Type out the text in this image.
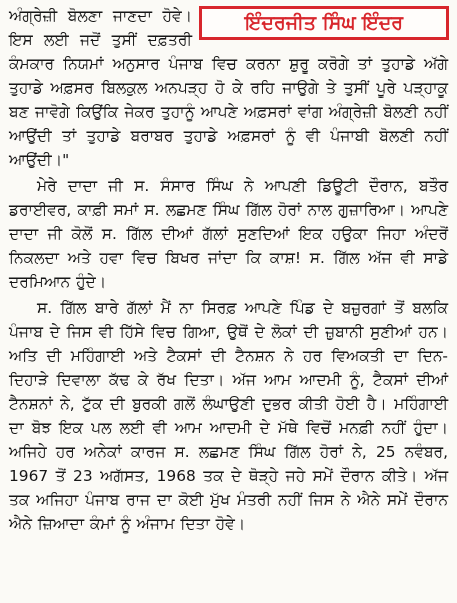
ਇੰਦਰਜੀਤ ਸਿੰਘ ਇੰਦਰ

ਅੰਗ੍ਰੇਜ਼ੀ ਬੋਲਣਾ ਜਾਣਦਾ ਹੋਵੇ। ਇਸ ਲਈ ਜਦੋਂ ਤੁਸੀਂ ਦਫ਼ਤਰੀ ਕੰਮਕਾਰ ਨਿਯਮਾਂ ਅਨੁਸਾਰ ਪੰਜਾਬ ਵਿਚ ਕਰਨਾ ਸ਼ੁਰੂ ਕਰੋਗੇ ਤਾਂ ਤੁਹਾਡੇ ਅੱਗੇ ਤੁਹਾਡੇ ਅਫ਼ਸਰ ਬਿਲਕੁਲ ਅਨਪੜ੍ਹ ਹੋ ਕੇ ਰਹਿ ਜਾਉਗੇ ਤੇ ਤੁਸੀਂ ਪੂਰੇ ਪੜ੍ਹਾਕੂ ਬਣ ਜਾਵੋਗੇ ਕਿਉਂਕਿ ਜੇਕਰ ਤੁਹਾਨੂੰ ਆਪਣੇ ਅਫ਼ਸਰਾਂ ਵਾਂਗ ਅੰਗ੍ਰੇਜ਼ੀ ਬੋਲਣੀ ਨਹੀਂ ਆਉਂਦੀ ਤਾਂ ਤੁਹਾਡੇ ਬਰਾਬਰ ਤੁਹਾਡੇ ਅਫ਼ਸਰਾਂ ਨੂੰ ਵੀ ਪੰਜਾਬੀ ਬੋਲਣੀ ਨਹੀਂ ਆਉਂਦੀ।"

ਮੇਰੇ ਦਾਦਾ ਜੀ ਸ. ਸੰਸਾਰ ਸਿੰਘ ਨੇ ਆਪਣੀ ਡਿਊਟੀ ਦੌਰਾਨ, ਬਤੌਰ ਡਰਾਈਵਰ, ਕਾਫ਼ੀ ਸਮਾਂ ਸ. ਲਛਮਣ ਸਿੰਘ ਗਿੱਲ ਹੋਰਾਂ ਨਾਲ ਗੁਜ਼ਾਰਿਆ। ਆਪਣੇ ਦਾਦਾ ਜੀ ਕੋਲੋਂ ਸ. ਗਿੱਲ ਦੀਆਂ ਗੱਲਾਂ ਸੁਣਦਿਆਂ ਇਕ ਹਉਕਾ ਜਿਹਾ ਅੰਦਰੋਂ ਨਿਕਲਦਾ ਅਤੇ ਹਵਾ ਵਿਚ ਬਿਖਰ ਜਾਂਦਾ ਕਿ ਕਾਸ਼! ਸ. ਗਿੱਲ ਅੱਜ ਵੀ ਸਾਡੇ ਦਰਮਿਆਨ ਹੁੰਦੇ।

ਸ. ਗਿੱਲ ਬਾਰੇ ਗੱਲਾਂ ਮੈਂ ਨਾ ਸਿਰਫ਼ ਆਪਣੇ ਪਿੰਡ ਦੇ ਬਜ਼ੁਰਗਾਂ ਤੋਂ ਬਲਕਿ ਪੰਜਾਬ ਦੇ ਜਿਸ ਵੀ ਹਿੱਸੇ ਵਿਚ ਗਿਆ, ਉਥੋਂ ਦੇ ਲੋਕਾਂ ਦੀ ਜ਼ੁਬਾਨੀ ਸੁਣੀਆਂ ਹਨ। ਅਤਿ ਦੀ ਮਹਿੰਗਾਈ ਅਤੇ ਟੈਕਸਾਂ ਦੀ ਟੈਨਸ਼ਨ ਨੇ ਹਰ ਵਿਅਕਤੀ ਦਾ ਦਿਨ-ਦਿਹਾੜੇ ਦਿਵਾਲਾ ਕੱਢ ਕੇ ਰੱਖ ਦਿਤਾ। ਅੱਜ ਆਮ ਆਦਮੀ ਨੂੰ, ਟੈਕਸਾਂ ਦੀਆਂ ਟੈਨਸ਼ਨਾਂ ਨੇ, ਟੁੱਕ ਦੀ ਬੁਰਕੀ ਗਲੋਂ ਲੰਘਾਉਣੀ ਦੁਭਰ ਕੀਤੀ ਹੋਈ ਹੈ। ਮਹਿੰਗਾਈ ਦਾ ਬੋਝ ਇਕ ਪਲ ਲਈ ਵੀ ਆਮ ਆਦਮੀ ਦੇ ਮੱਥੇ ਵਿਚੋਂ ਮਨਫ਼ੀ ਨਹੀਂ ਹੁੰਦਾ। ਅਜਿਹੇ ਹਰ ਅਨੇਕਾਂ ਕਾਰਜ ਸ. ਲਛਮਣ ਸਿੰਘ ਗਿੱਲ ਹੋਰਾਂ ਨੇ, 25 ਨਵੰਬਰ, 1967 ਤੋਂ 23 ਅਗੱਸਤ, 1968 ਤਕ ਦੇ ਥੋੜ੍ਹੇ ਜਹੇ ਸਮੇਂ ਦੌਰਾਨ ਕੀਤੇ। ਅੱਜ ਤਕ ਅਜਿਹਾ ਪੰਜਾਬ ਰਾਜ ਦਾ ਕੋਈ ਮੁੱਖ ਮੰਤਰੀ ਨਹੀਂ ਜਿਸ ਨੇ ਐਨੇ ਸਮੇਂ ਦੌਰਾਨ ਐਨੇ ਜ਼ਿਆਦਾ ਕੰਮਾਂ ਨੂੰ ਅੰਜਾਮ ਦਿਤਾ ਹੋਵੇ।
